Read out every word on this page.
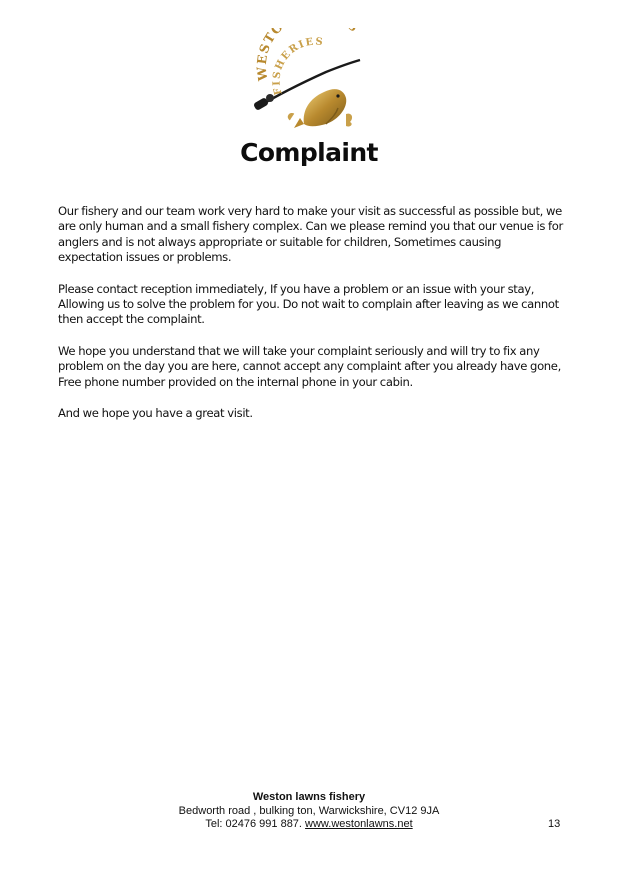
WEST
FISHERIES
Complaint

Our fishery and our team work very hard to make your visit as successful as possible but, we are only human and a small fishery complex. Can we please remind you that our venue is for anglers and is not always appropriate or suitable for children, Sometimes causing expectation issues or problems.

Please contact reception immediately, If you have a problem or an issue with your stay, Allowing us to solve the problem for you. Do not wait to complain after leaving as we cannot then accept the complaint.

We hope you understand that we will take your complaint seriously and will try to fix any problem on the day you are here, cannot accept any complaint after you already have gone, Free phone number provided on the internal phone in your cabin.

And we hope you have a great visit.

Weston lawns fishery
Bedworth road , bulking ton, Warwickshire, CV12 9JA
Tel: 02476 991 887. www.westonlawns.net	13
